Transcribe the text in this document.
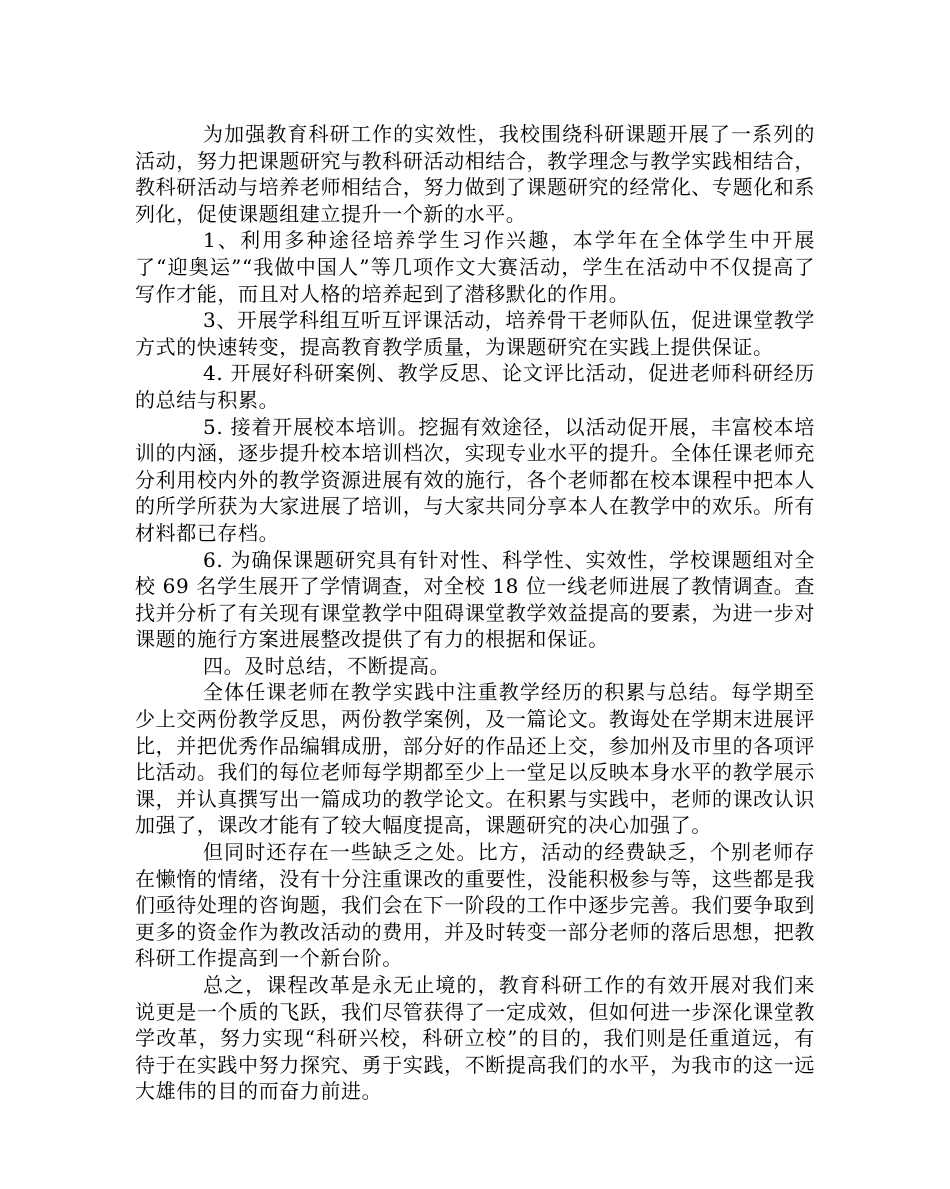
为加强教育科研工作的实效性，我校围绕科研课题开展了一系列的活动，努力把课题研究与教科研活动相结合，教学理念与教学实践相结合，教科研活动与培养老师相结合，努力做到了课题研究的经常化、专题化和系列化，促使课题组建立提升一个新的水平。

1、利用多种途径培养学生习作兴趣，本学年在全体学生中开展了“迎奥运”“我做中国人”等几项作文大赛活动，学生在活动中不仅提高了写作才能，而且对人格的培养起到了潜移默化的作用。

3、开展学科组互听互评课活动，培养骨干老师队伍，促进课堂教学方式的快速转变，提高教育教学质量，为课题研究在实践上提供保证。

4. 开展好科研案例、教学反思、论文评比活动，促进老师科研经历的总结与积累。

5. 接着开展校本培训。挖掘有效途径，以活动促开展，丰富校本培训的内涵，逐步提升校本培训档次，实现专业水平的提升。全体任课老师充分利用校内外的教学资源进展有效的施行，各个老师都在校本课程中把本人的所学所获为大家进展了培训，与大家共同分享本人在教学中的欢乐。所有材料都已存档。

6. 为确保课题研究具有针对性、科学性、实效性，学校课题组对全校 69 名学生展开了学情调查，对全校 18 位一线老师进展了教情调查。查找并分析了有关现有课堂教学中阻碍课堂教学效益提高的要素，为进一步对课题的施行方案进展整改提供了有力的根据和保证。

四。及时总结，不断提高。

全体任课老师在教学实践中注重教学经历的积累与总结。每学期至少上交两份教学反思，两份教学案例，及一篇论文。教诲处在学期末进展评比，并把优秀作品编辑成册，部分好的作品还上交，参加州及市里的各项评比活动。我们的每位老师每学期都至少上一堂足以反映本身水平的教学展示课，并认真撰写出一篇成功的教学论文。在积累与实践中，老师的课改认识加强了，课改才能有了较大幅度提高，课题研究的决心加强了。

但同时还存在一些缺乏之处。比方，活动的经费缺乏，个别老师存在懒惰的情绪，没有十分注重课改的重要性，没能积极参与等，这些都是我们亟待处理的咨询题，我们会在下一阶段的工作中逐步完善。我们要争取到更多的资金作为教改活动的费用，并及时转变一部分老师的落后思想，把教科研工作提高到一个新台阶。

总之，课程改革是永无止境的，教育科研工作的有效开展对我们来说更是一个质的飞跃，我们尽管获得了一定成效，但如何进一步深化课堂教学改革，努力实现“科研兴校，科研立校”的目的，我们则是任重道远，有待于在实践中努力探究、勇于实践，不断提高我们的水平，为我市的这一远大雄伟的目的而奋力前进。
